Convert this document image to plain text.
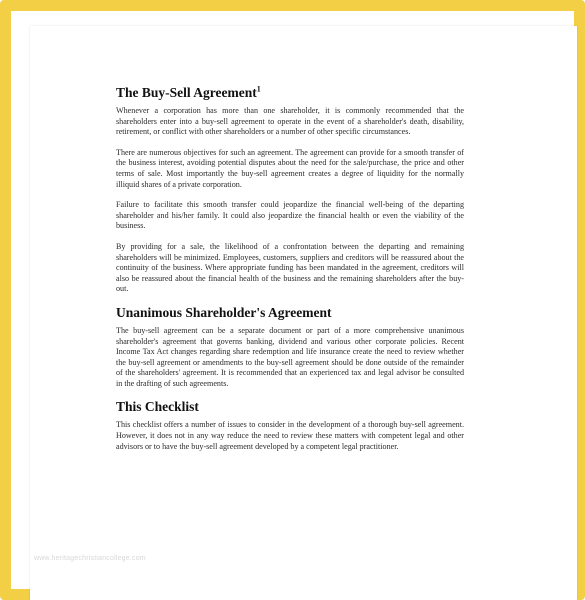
The Buy-Sell Agreement$^1$

Whenever a corporation has more than one shareholder, it is commonly recommended that the shareholders enter into a buy-sell agreement to operate in the event of a shareholder's death, disability, retirement, or conflict with other shareholders or a number of other specific circumstances.

There are numerous objectives for such an agreement. The agreement can provide for a smooth transfer of the business interest, avoiding potential disputes about the need for the sale/purchase, the price and other terms of sale. Most importantly the buy-sell agreement creates a degree of liquidity for the normally illiquid shares of a private corporation.

Failure to facilitate this smooth transfer could jeopardize the financial well-being of the departing shareholder and his/her family. It could also jeopardize the financial health or even the viability of the business.

By providing for a sale, the likelihood of a confrontation between the departing and remaining shareholders will be minimized. Employees, customers, suppliers and creditors will be reassured about the continuity of the business. Where appropriate funding has been mandated in the agreement, creditors will also be reassured about the financial health of the business and the remaining shareholders after the buy-out.

Unanimous Shareholder's Agreement

The buy-sell agreement can be a separate document or part of a more comprehensive unanimous shareholder's agreement that governs banking, dividend and various other corporate policies. Recent Income Tax Act changes regarding share redemption and life insurance create the need to review whether the buy-sell agreement or amendments to the buy-sell agreement should be done outside of the remainder of the shareholders' agreement. It is recommended that an experienced tax and legal advisor be consulted in the drafting of such agreements.

This Checklist

This checklist offers a number of issues to consider in the development of a thorough buy-sell agreement. However, it does not in any way reduce the need to review these matters with competent legal and other advisors or to have the buy-sell agreement developed by a competent legal practitioner.

www.heritagechristiancollege.com
